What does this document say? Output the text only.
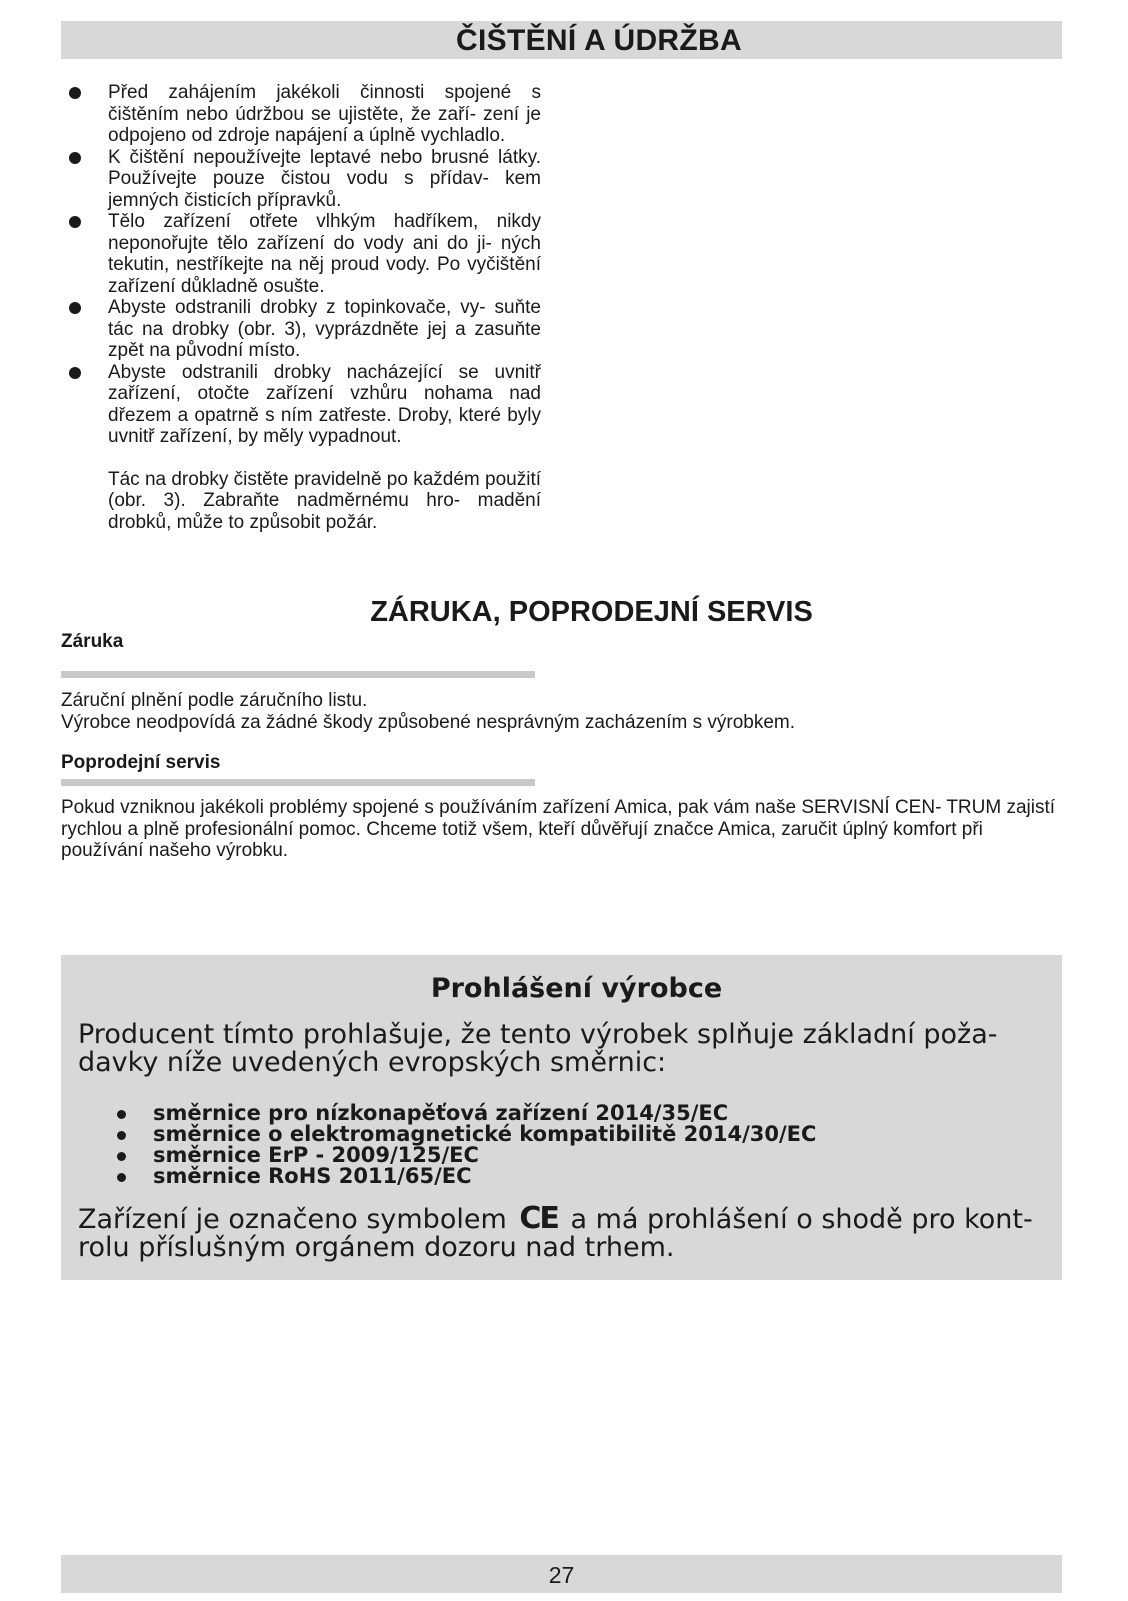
ČIŠTĚNÍ A ÚDRŽBA
Před zahájením jakékoli činnosti spojené s čištěním nebo údržbou se ujistěte, že zaří- zení je odpojeno od zdroje napájení a úplně vychladlo.
K čištění nepoužívejte leptavé nebo brusné látky. Používejte pouze čistou vodu s přídav- kem jemných čisticích přípravků.
Tělo zařízení otřete vlhkým hadříkem, nikdy neponořujte tělo zařízení do vody ani do ji- ných tekutin, nestříkejte na něj proud vody. Po vyčištění zařízení důkladně osušte.
Abyste odstranili drobky z topinkovače, vy- suňte tác na drobky (obr. 3), vyprázdněte jej a zasuňte zpět na původní místo.
Abyste odstranili drobky nacházející se uvnitř zařízení, otočte zařízení vzhůru nohama nad dřezem a opatrně s ním zatřeste. Droby, které byly uvnitř zařízení, by měly vypadnout.
Tác na drobky čistěte pravidelně po každém použití (obr. 3). Zabraňte nadměrnému hro- madění drobků, může to způsobit požár.
ZÁRUKA, POPRODEJNÍ SERVIS
Záruka
Záruční plnění podle záručního listu.
Výrobce neodpovídá za žádné škody způsobené nesprávným zacházením s výrobkem.
Poprodejní servis
Pokud vzniknou jakékoli problémy spojené s používáním zařízení Amica, pak vám naše SERVISNÍ CEN- TRUM zajistí rychlou a plně profesionální pomoc. Chceme totiž všem, kteří důvěřují značce Amica, zaručit úplný komfort při používání našeho výrobku.
Prohlášení výrobce
Producent tímto prohlašuje, že tento výrobek splňuje základní poža- davky níže uvedených evropských směrnic:
směrnice pro nízkonapěťová zařízení 2014/35/EC
směrnice o elektromagnetické kompatibilitě 2014/30/EC
směrnice ErP - 2009/125/EC
směrnice RoHS 2011/65/EC
Zařízení je označeno symbolem CE a má prohlášení o shodě pro kont- rolu příslušným orgánem dozoru nad trhem.
27
